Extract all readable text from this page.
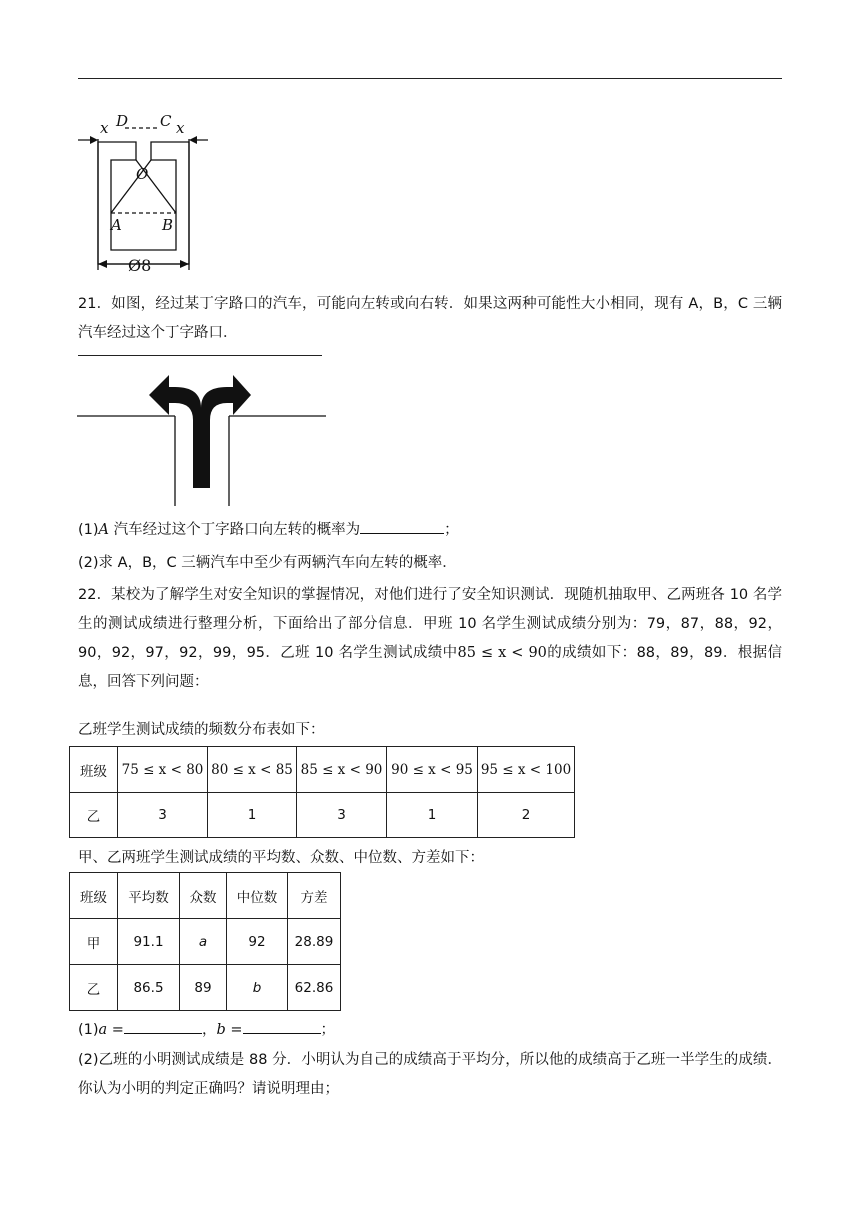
x D C x
O
A	B
Ø8
21．如图，经过某丁字路口的汽车，可能向左转或向右转．如果这两种可能性大小相同，现有 A，B，C 三辆汽车经过这个丁字路口．
(1)A 汽车经过这个丁字路口向左转的概率为	；
(2)求 A，B，C 三辆汽车中至少有两辆汽车向左转的概率．
22．某校为了解学生对安全知识的掌握情况，对他们进行了安全知识测试．现随机抽取甲、乙两班各 10 名学生的测试成绩进行整理分析，下面给出了部分信息．甲班 10 名学生测试成绩分别为：79，87，88，92，90，92，97，92，99，95．乙班 10 名学生测试成绩中85 ≤ x < 90的成绩如下：88，89，89．根据信息，回答下列问题：
乙班学生测试成绩的频数分布表如下：
班级	75 ≤ x < 80	80 ≤ x < 85	85 ≤ x < 90	90 ≤ x < 95	95 ≤ x < 100
乙	3	1	3	1	2
甲、乙两班学生测试成绩的平均数、众数、中位数、方差如下：
班级	平均数	众数	中位数	方差
甲	91.1	a	92	28.89
乙	86.5	89	b	62.86
(1)a =	，b =	；
(2)乙班的小明测试成绩是 88 分．小明认为自己的成绩高于平均分，所以他的成绩高于乙班一半学生的成绩．你认为小明的判定正确吗？请说明理由；
